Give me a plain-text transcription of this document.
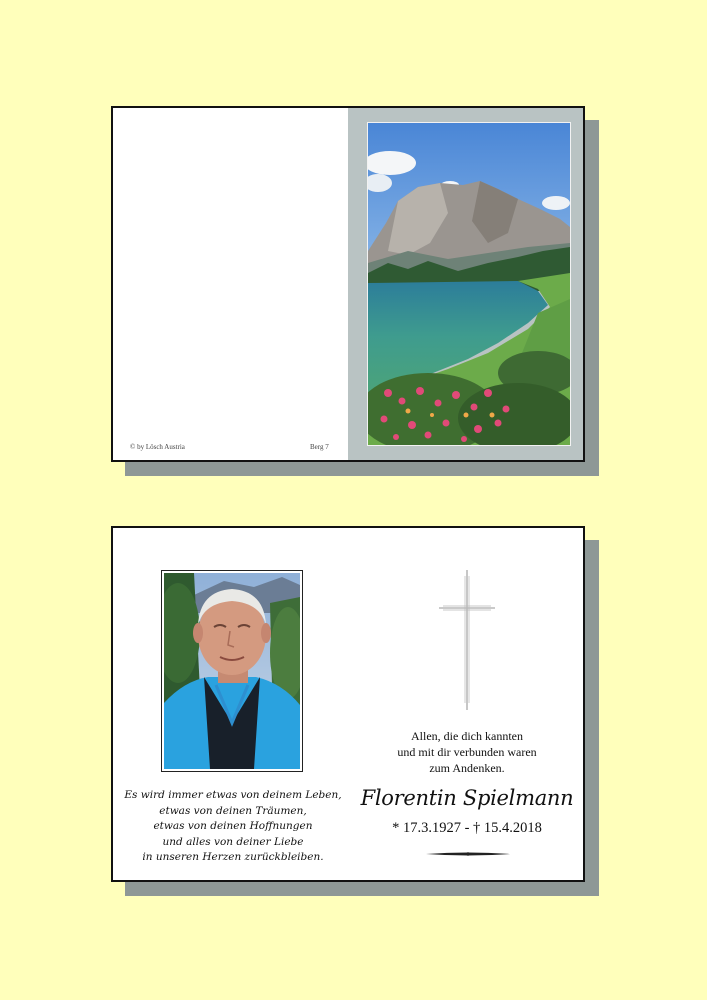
© by Lösch Austria	Berg 7
Es wird immer etwas von deinem Leben,
etwas von deinen Träumen,
etwas von deinen Hoffnungen
und alles von deiner Liebe
in unseren Herzen zurückbleiben.
Allen, die dich kannten
und mit dir verbunden waren
zum Andenken.
Florentin Spielmann
* 17.3.1927 - † 15.4.2018
